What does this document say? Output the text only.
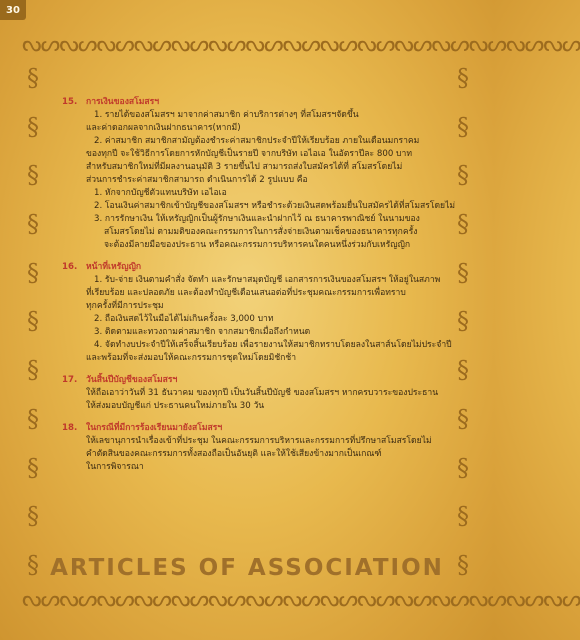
30
ᔓᔕᔓᔕᔓᔕᔓᔕᔓᔕᔓᔕᔓᔕᔓᔕᔓᔕᔓᔕᔓᔕᔓᔕᔓᔕᔓᔕᔓᔕ
§
§
§
§
§
§
§
§
§
§
§
§
§
§
§
§
§
§
§
§
§
§
ᔓᔕᔓᔕᔓᔕᔓᔕᔓᔕᔓᔕᔓᔕᔓᔕᔓᔕᔓᔕᔓᔕᔓᔕᔓᔕᔓᔕᔓᔕ
15.	การเงินของสโมสรฯ

1. รายได้ของสโมสรฯ มาจากค่าสมาชิก ค่าบริการต่างๆ ที่สโมสรฯจัดขึ้น

และค่าดอกผลจากเงินฝากธนาคาร(หากมี)

2. ค่าสมาชิก สมาชิกสามัญต้องชำระค่าสมาชิกประจำปีให้เรียบร้อย ภายในเดือนมกราคม

ของทุกปี จะใช้วิธีการโดยการหักบัญชีเป็นรายปี จากบริษัท เอไอเอ ในอัตราปีละ 800 บาท

สำหรับสมาชิกใหม่ที่มีผลงานอนุมัติ 3 รายขึ้นไป สามารถส่งใบสมัครได้ที่ สโมสรโดยไม่

ส่วนการชำระค่าสมาชิกสามารถ ดำเนินการได้ 2 รูปแบบ คือ

1. หักจากบัญชีตัวแทนบริษัท เอไอเอ

2. โอนเงินค่าสมาชิกเข้าบัญชีของสโมสรฯ หรือชำระด้วยเงินสดพร้อมยื่นใบสมัครได้ที่สโมสรโดยไม่

3. การรักษาเงิน ให้เหรัญญิกเป็นผู้รักษาเงินและนำฝากไว้ ณ ธนาคารพาณิชย์ ในนามของ

สโมสรโดยไม่ ตามมติของคณะกรรมการในการสั่งจ่ายเงินตามเช็คของธนาคารทุกครั้ง

จะต้องมีลายมือของประธาน หรือคณะกรรมการบริหารคนใดคนหนึ่งร่วมกับเหรัญญิก

16.	หน้าที่เหรัญญิก

1. รับ-จ่าย เงินตามคำสั่ง จัดทำ และรักษาสมุดบัญชี เอกสารการเงินของสโมสรฯ ให้อยู่ในสภาพ

ที่เรียบร้อย และปลอดภัย และต้องทำบัญชีเดือนเสนอต่อที่ประชุมคณะกรรมการเพื่อทราบ

ทุกครั้งที่มีการประชุม

2. ถือเงินสดไว้ในมือได้ไม่เกินครั้งละ 3,000 บาท

3. ติดตามและทวงถามค่าสมาชิก จากสมาชิกเมื่อถึงกำหนด

4. จัดทำงบประจำปีให้เสร็จสิ้นเรียบร้อย เพื่อรายงานให้สมาชิกทราบโดยลงในสาส์นโดยไม่ประจำปี

และพร้อมที่จะส่งมอบให้คณะกรรมการชุดใหม่โดยมิชักช้า

17.	วันสิ้นปีบัญชีของสโมสรฯ

ให้ถือเอาว่าวันที่ 31 ธันวาคม ของทุกปี เป็นวันสิ้นปีบัญชี ของสโมสรฯ หากครบวาระของประธาน

ให้ส่งมอบบัญชีแก่ ประธานคนใหม่ภายใน 30 วัน

18.	ในกรณีที่มีการร้องเรียนมายังสโมสรฯ

ให้เลขานุการนำเรื่องเข้าที่ประชุม ในคณะกรรมการบริหารและกรรมการที่ปรึกษาสโมสรโดยไม่

คำตัดสินของคณะกรรมการทั้งสองถือเป็นอันยุติ และให้ใช้เสียงข้างมากเป็นเกณฑ์

ในการพิจารณา

ARTICLES OF ASSOCIATION
